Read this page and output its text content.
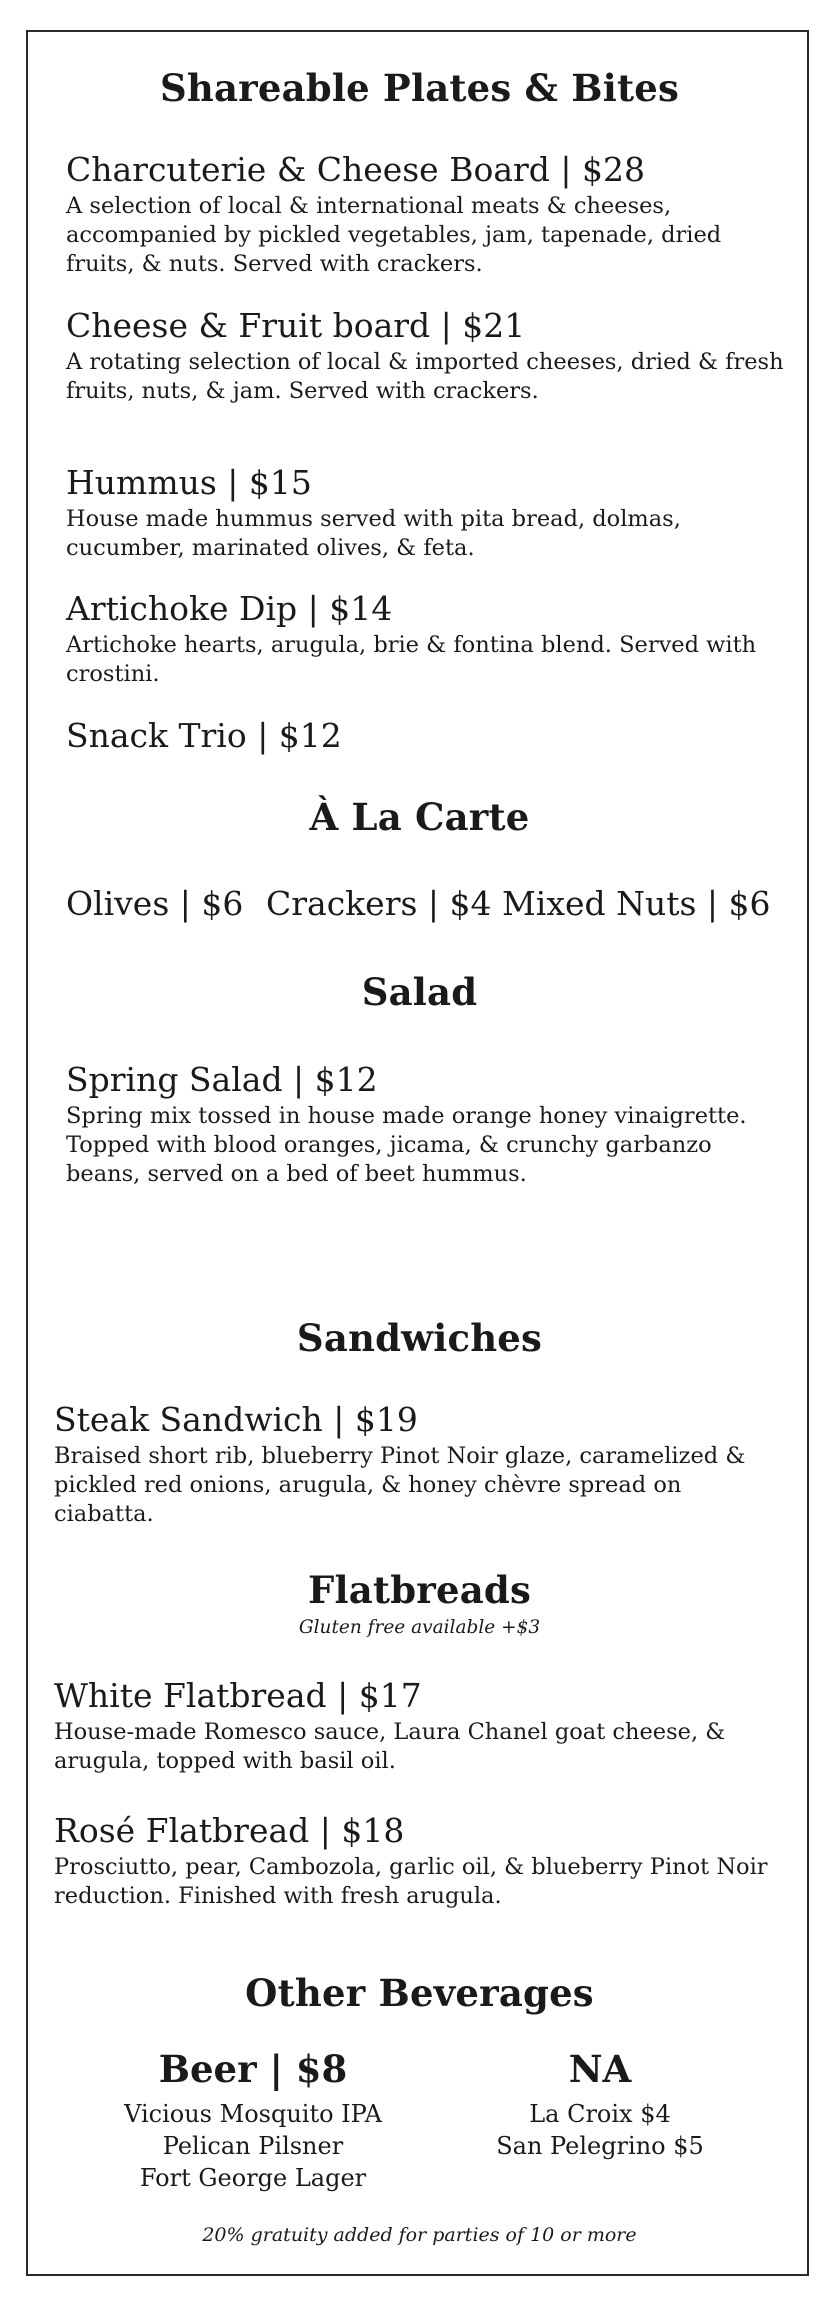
Shareable Plates & Bites
Charcuterie & Cheese Board | $28

A selection of local & international meats & cheeses, accompanied by pickled vegetables, jam, tapenade, dried fruits, & nuts. Served with crackers.

Cheese & Fruit board | $21

A rotating selection of local & imported cheeses, dried & fresh fruits, nuts, & jam. Served with crackers.

Hummus | $15

House made hummus served with pita bread, dolmas, cucumber, marinated olives, & feta.

Artichoke Dip | $14

Artichoke hearts, arugula, brie & fontina blend. Served with crostini.

Snack Trio | $12
À La Carte
Olives | $6 Crackers | $4 Mixed Nuts | $6
Salad
Spring Salad | $12

Spring mix tossed in house made orange honey vinaigrette. Topped with blood oranges, jicama, & crunchy garbanzo beans, served on a bed of beet hummus.

Sandwiches
Steak Sandwich | $19

Braised short rib, blueberry Pinot Noir glaze, caramelized & pickled red onions, arugula, & honey chèvre spread on ciabatta.

Flatbreads
Gluten free available +$3
White Flatbread | $17

House-made Romesco sauce, Laura Chanel goat cheese, & arugula, topped with basil oil.

Rosé Flatbread | $18

Prosciutto, pear, Cambozola, garlic oil, & blueberry Pinot Noir reduction. Finished with fresh arugula.

Other Beverages
Beer | $8
Vicious Mosquito IPA
Pelican Pilsner
Fort George Lager
NA
La Croix $4
San Pelegrino $5
20% gratuity added for parties of 10 or more
